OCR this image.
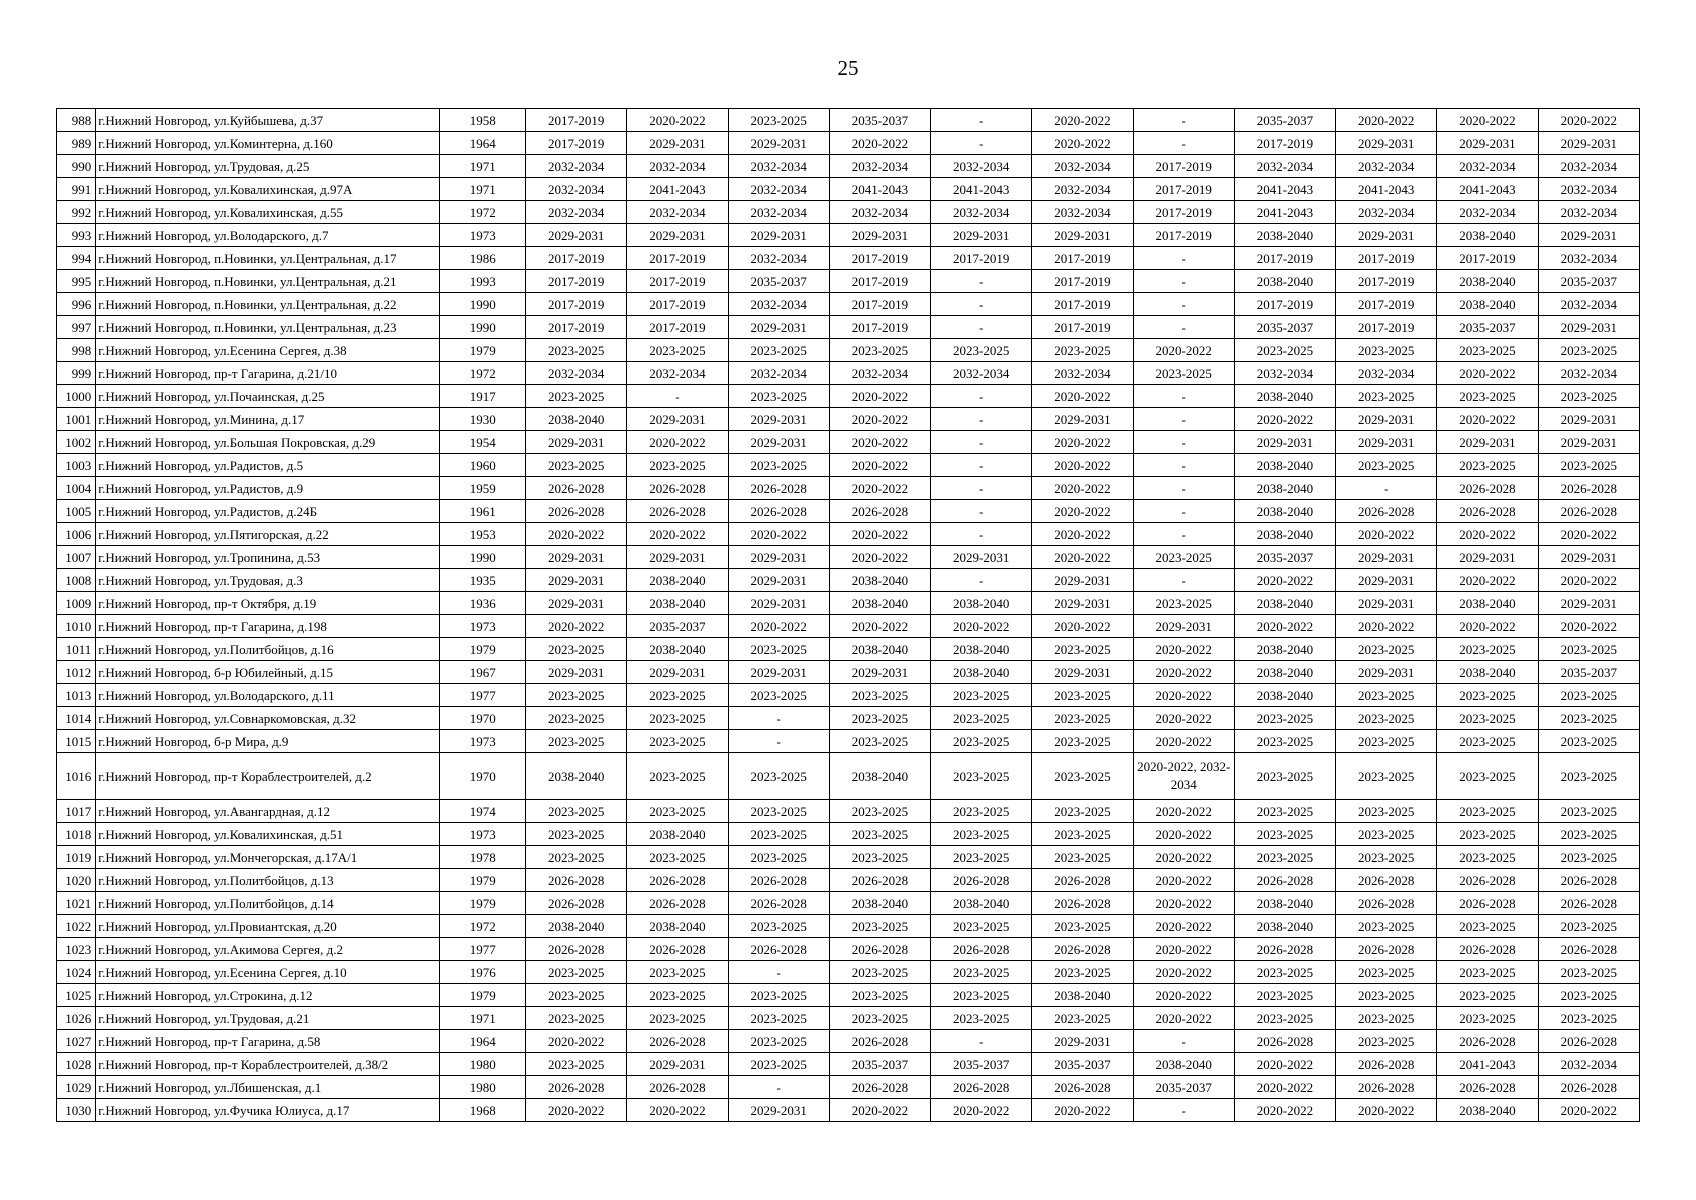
25
988	г.Нижний Новгород, ул.Куйбышева, д.37	1958	2017-2019	2020-2022	2023-2025	2035-2037	-	2020-2022	-	2035-2037	2020-2022	2020-2022	2020-2022
989	г.Нижний Новгород, ул.Коминтерна, д.160	1964	2017-2019	2029-2031	2029-2031	2020-2022	-	2020-2022	-	2017-2019	2029-2031	2029-2031	2029-2031
990	г.Нижний Новгород, ул.Трудовая, д.25	1971	2032-2034	2032-2034	2032-2034	2032-2034	2032-2034	2032-2034	2017-2019	2032-2034	2032-2034	2032-2034	2032-2034
991	г.Нижний Новгород, ул.Ковалихинская, д.97А	1971	2032-2034	2041-2043	2032-2034	2041-2043	2041-2043	2032-2034	2017-2019	2041-2043	2041-2043	2041-2043	2032-2034
992	г.Нижний Новгород, ул.Ковалихинская, д.55	1972	2032-2034	2032-2034	2032-2034	2032-2034	2032-2034	2032-2034	2017-2019	2041-2043	2032-2034	2032-2034	2032-2034
993	г.Нижний Новгород, ул.Володарского, д.7	1973	2029-2031	2029-2031	2029-2031	2029-2031	2029-2031	2029-2031	2017-2019	2038-2040	2029-2031	2038-2040	2029-2031
994	г.Нижний Новгород, п.Новинки, ул.Центральная, д.17	1986	2017-2019	2017-2019	2032-2034	2017-2019	2017-2019	2017-2019	-	2017-2019	2017-2019	2017-2019	2032-2034
995	г.Нижний Новгород, п.Новинки, ул.Центральная, д.21	1993	2017-2019	2017-2019	2035-2037	2017-2019	-	2017-2019	-	2038-2040	2017-2019	2038-2040	2035-2037
996	г.Нижний Новгород, п.Новинки, ул.Центральная, д.22	1990	2017-2019	2017-2019	2032-2034	2017-2019	-	2017-2019	-	2017-2019	2017-2019	2038-2040	2032-2034
997	г.Нижний Новгород, п.Новинки, ул.Центральная, д.23	1990	2017-2019	2017-2019	2029-2031	2017-2019	-	2017-2019	-	2035-2037	2017-2019	2035-2037	2029-2031
998	г.Нижний Новгород, ул.Есенина Сергея, д.38	1979	2023-2025	2023-2025	2023-2025	2023-2025	2023-2025	2023-2025	2020-2022	2023-2025	2023-2025	2023-2025	2023-2025
999	г.Нижний Новгород, пр-т Гагарина, д.21/10	1972	2032-2034	2032-2034	2032-2034	2032-2034	2032-2034	2032-2034	2023-2025	2032-2034	2032-2034	2020-2022	2032-2034
1000	г.Нижний Новгород, ул.Почаинская, д.25	1917	2023-2025	-	2023-2025	2020-2022	-	2020-2022	-	2038-2040	2023-2025	2023-2025	2023-2025
1001	г.Нижний Новгород, ул.Минина, д.17	1930	2038-2040	2029-2031	2029-2031	2020-2022	-	2029-2031	-	2020-2022	2029-2031	2020-2022	2029-2031
1002	г.Нижний Новгород, ул.Большая Покровская, д.29	1954	2029-2031	2020-2022	2029-2031	2020-2022	-	2020-2022	-	2029-2031	2029-2031	2029-2031	2029-2031
1003	г.Нижний Новгород, ул.Радистов, д.5	1960	2023-2025	2023-2025	2023-2025	2020-2022	-	2020-2022	-	2038-2040	2023-2025	2023-2025	2023-2025
1004	г.Нижний Новгород, ул.Радистов, д.9	1959	2026-2028	2026-2028	2026-2028	2020-2022	-	2020-2022	-	2038-2040	-	2026-2028	2026-2028
1005	г.Нижний Новгород, ул.Радистов, д.24Б	1961	2026-2028	2026-2028	2026-2028	2026-2028	-	2020-2022	-	2038-2040	2026-2028	2026-2028	2026-2028
1006	г.Нижний Новгород, ул.Пятигорская, д.22	1953	2020-2022	2020-2022	2020-2022	2020-2022	-	2020-2022	-	2038-2040	2020-2022	2020-2022	2020-2022
1007	г.Нижний Новгород, ул.Тропинина, д.53	1990	2029-2031	2029-2031	2029-2031	2020-2022	2029-2031	2020-2022	2023-2025	2035-2037	2029-2031	2029-2031	2029-2031
1008	г.Нижний Новгород, ул.Трудовая, д.3	1935	2029-2031	2038-2040	2029-2031	2038-2040	-	2029-2031	-	2020-2022	2029-2031	2020-2022	2020-2022
1009	г.Нижний Новгород, пр-т Октября, д.19	1936	2029-2031	2038-2040	2029-2031	2038-2040	2038-2040	2029-2031	2023-2025	2038-2040	2029-2031	2038-2040	2029-2031
1010	г.Нижний Новгород, пр-т Гагарина, д.198	1973	2020-2022	2035-2037	2020-2022	2020-2022	2020-2022	2020-2022	2029-2031	2020-2022	2020-2022	2020-2022	2020-2022
1011	г.Нижний Новгород, ул.Политбойцов, д.16	1979	2023-2025	2038-2040	2023-2025	2038-2040	2038-2040	2023-2025	2020-2022	2038-2040	2023-2025	2023-2025	2023-2025
1012	г.Нижний Новгород, б-р Юбилейный, д.15	1967	2029-2031	2029-2031	2029-2031	2029-2031	2038-2040	2029-2031	2020-2022	2038-2040	2029-2031	2038-2040	2035-2037
1013	г.Нижний Новгород, ул.Володарского, д.11	1977	2023-2025	2023-2025	2023-2025	2023-2025	2023-2025	2023-2025	2020-2022	2038-2040	2023-2025	2023-2025	2023-2025
1014	г.Нижний Новгород, ул.Совнаркомовская, д.32	1970	2023-2025	2023-2025	-	2023-2025	2023-2025	2023-2025	2020-2022	2023-2025	2023-2025	2023-2025	2023-2025
1015	г.Нижний Новгород, б-р Мира, д.9	1973	2023-2025	2023-2025	-	2023-2025	2023-2025	2023-2025	2020-2022	2023-2025	2023-2025	2023-2025	2023-2025
1016	г.Нижний Новгород, пр-т Кораблестроителей, д.2	1970	2038-2040	2023-2025	2023-2025	2038-2040	2023-2025	2023-2025	2020-2022, 2032-2034	2023-2025	2023-2025	2023-2025	2023-2025
1017	г.Нижний Новгород, ул.Авангардная, д.12	1974	2023-2025	2023-2025	2023-2025	2023-2025	2023-2025	2023-2025	2020-2022	2023-2025	2023-2025	2023-2025	2023-2025
1018	г.Нижний Новгород, ул.Ковалихинская, д.51	1973	2023-2025	2038-2040	2023-2025	2023-2025	2023-2025	2023-2025	2020-2022	2023-2025	2023-2025	2023-2025	2023-2025
1019	г.Нижний Новгород, ул.Мончегорская, д.17А/1	1978	2023-2025	2023-2025	2023-2025	2023-2025	2023-2025	2023-2025	2020-2022	2023-2025	2023-2025	2023-2025	2023-2025
1020	г.Нижний Новгород, ул.Политбойцов, д.13	1979	2026-2028	2026-2028	2026-2028	2026-2028	2026-2028	2026-2028	2020-2022	2026-2028	2026-2028	2026-2028	2026-2028
1021	г.Нижний Новгород, ул.Политбойцов, д.14	1979	2026-2028	2026-2028	2026-2028	2038-2040	2038-2040	2026-2028	2020-2022	2038-2040	2026-2028	2026-2028	2026-2028
1022	г.Нижний Новгород, ул.Провиантская, д.20	1972	2038-2040	2038-2040	2023-2025	2023-2025	2023-2025	2023-2025	2020-2022	2038-2040	2023-2025	2023-2025	2023-2025
1023	г.Нижний Новгород, ул.Акимова Сергея, д.2	1977	2026-2028	2026-2028	2026-2028	2026-2028	2026-2028	2026-2028	2020-2022	2026-2028	2026-2028	2026-2028	2026-2028
1024	г.Нижний Новгород, ул.Есенина Сергея, д.10	1976	2023-2025	2023-2025	-	2023-2025	2023-2025	2023-2025	2020-2022	2023-2025	2023-2025	2023-2025	2023-2025
1025	г.Нижний Новгород, ул.Строкина, д.12	1979	2023-2025	2023-2025	2023-2025	2023-2025	2023-2025	2038-2040	2020-2022	2023-2025	2023-2025	2023-2025	2023-2025
1026	г.Нижний Новгород, ул.Трудовая, д.21	1971	2023-2025	2023-2025	2023-2025	2023-2025	2023-2025	2023-2025	2020-2022	2023-2025	2023-2025	2023-2025	2023-2025
1027	г.Нижний Новгород, пр-т Гагарина, д.58	1964	2020-2022	2026-2028	2023-2025	2026-2028	-	2029-2031	-	2026-2028	2023-2025	2026-2028	2026-2028
1028	г.Нижний Новгород, пр-т Кораблестроителей, д.38/2	1980	2023-2025	2029-2031	2023-2025	2035-2037	2035-2037	2035-2037	2038-2040	2020-2022	2026-2028	2041-2043	2032-2034
1029	г.Нижний Новгород, ул.Лбишенская, д.1	1980	2026-2028	2026-2028	-	2026-2028	2026-2028	2026-2028	2035-2037	2020-2022	2026-2028	2026-2028	2026-2028
1030	г.Нижний Новгород, ул.Фучика Юлиуса, д.17	1968	2020-2022	2020-2022	2029-2031	2020-2022	2020-2022	2020-2022	-	2020-2022	2020-2022	2038-2040	2020-2022
